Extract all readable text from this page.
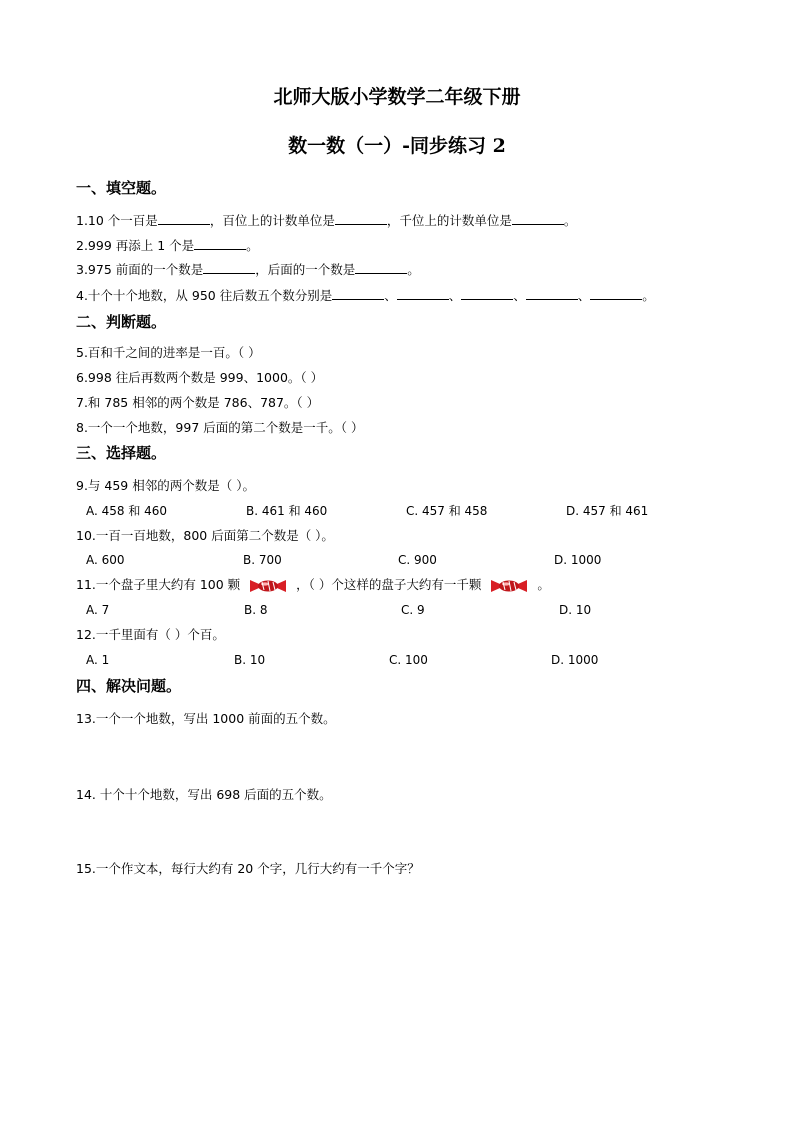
北师大版小学数学二年级下册
数一数（一）-同步练习 2
一、填空题。
1.10 个一百是	，百位上的计数单位是	，千位上的计数单位是	。
2.999 再添上 1 个是	。
3.975 前面的一个数是	，后面的一个数是	。
4.十个十个地数，从 950 往后数五个数分别是	、	、	、	、	。
二、判断题。
5.百和千之间的进率是一百。（ ）
6.998 往后再数两个数是 999、1000。（ ）
7.和 785 相邻的两个数是 786、787。（ ）
8.一个一个地数，997 后面的第二个数是一千。（ ）
三、选择题。
9.与 459 相邻的两个数是（ ）。
A. 458 和 460	B. 461 和 460	C. 457 和 458	D. 457 和 461
10.一百一百地数，800 后面第二个数是（ ）。
A. 600	B. 700	C. 900	D. 1000
11.一个盘子里大约有 100 颗	，（ ）个这样的盘子大约有一千颗	。
A. 7	B. 8	C. 9	D. 10
12.一千里面有（ ）个百。
A. 1	B. 10	C. 100	D. 1000
四、解决问题。
13.一个一个地数，写出 1000 前面的五个数。
14. 十个十个地数，写出 698 后面的五个数。
15.一个作文本，每行大约有 20 个字，几行大约有一千个字？
